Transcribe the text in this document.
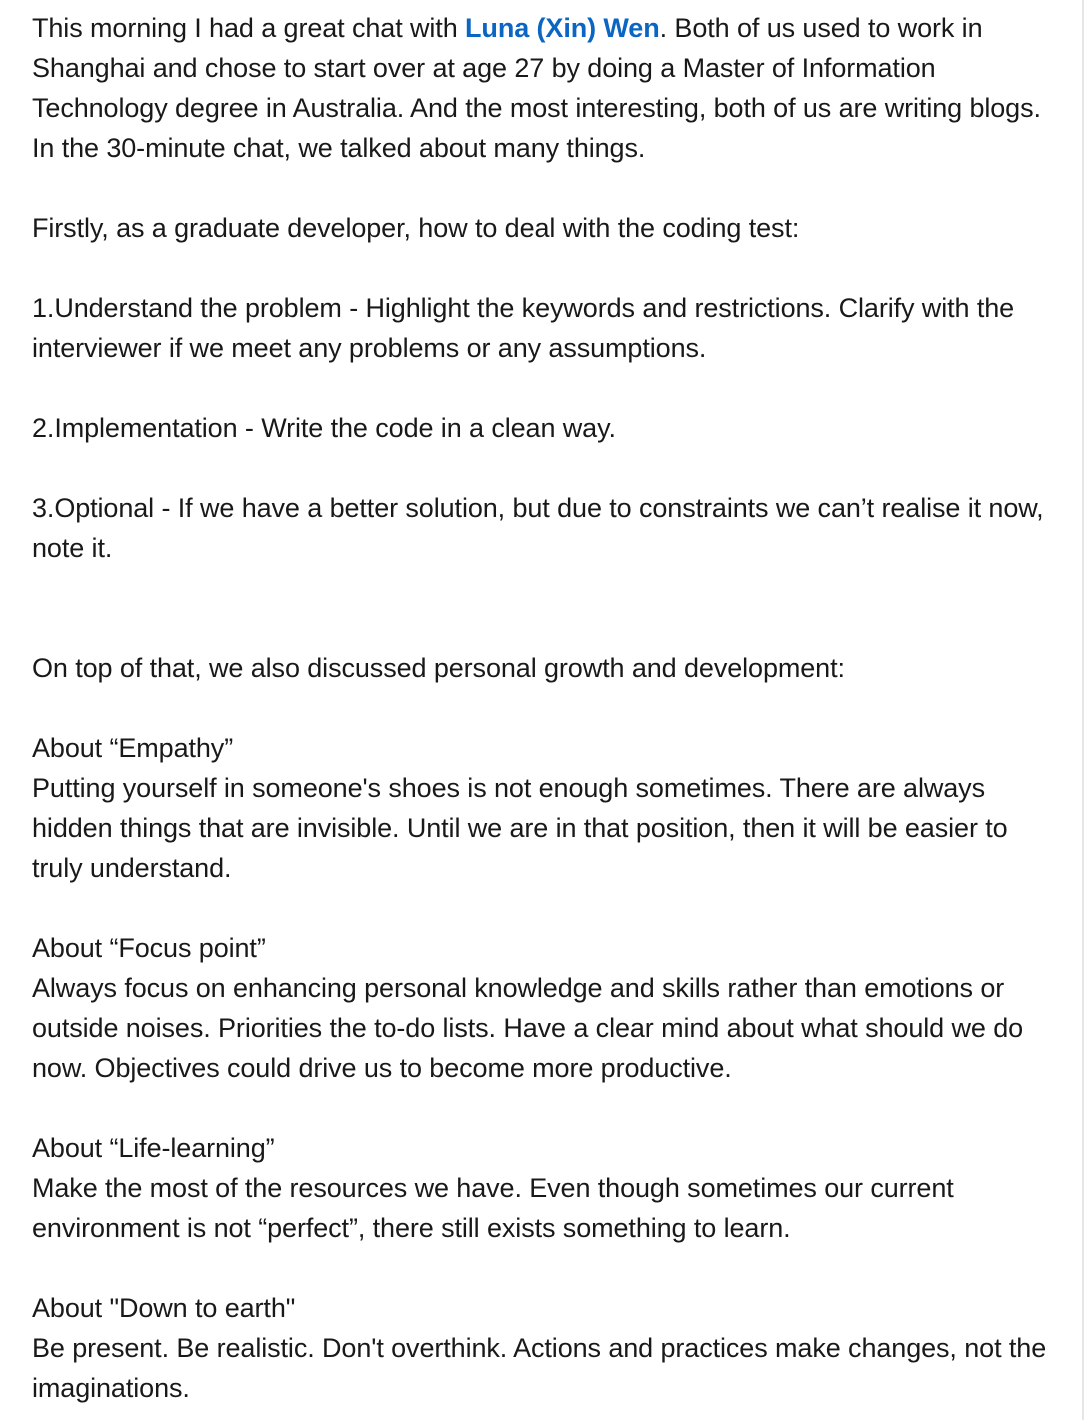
This morning I had a great chat with Luna (Xin) Wen. Both of us used to work in Shanghai and chose to start over at age 27 by doing a Master of Information Technology degree in Australia. And the most interesting, both of us are writing blogs. In the 30-minute chat, we talked about many things.

Firstly, as a graduate developer, how to deal with the coding test:

1.Understand the problem - Highlight the keywords and restrictions. Clarify with the interviewer if we meet any problems or any assumptions.

2.Implementation - Write the code in a clean way.

3.Optional - If we have a better solution, but due to constraints we can’t realise it now, note it.

On top of that, we also discussed personal growth and development:

About “Empathy”

Putting yourself in someone's shoes is not enough sometimes. There are always hidden things that are invisible. Until we are in that position, then it will be easier to truly understand.

About “Focus point”

Always focus on enhancing personal knowledge and skills rather than emotions or outside noises. Priorities the to-do lists. Have a clear mind about what should we do now. Objectives could drive us to become more productive.

About “Life-learning”

Make the most of the resources we have. Even though sometimes our current environment is not “perfect”, there still exists something to learn.

About "Down to earth"

Be present. Be realistic. Don't overthink. Actions and practices make changes, not the imaginations.
